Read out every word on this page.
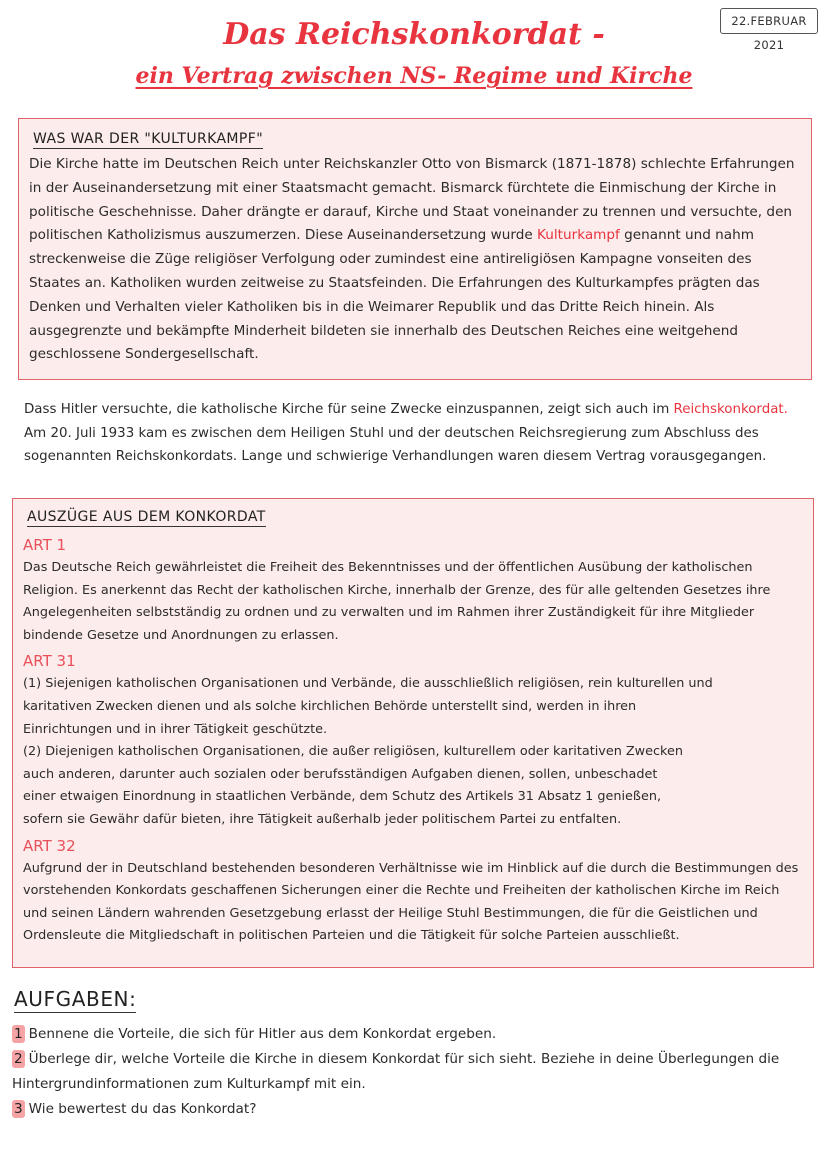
22.FEBRUAR 2021
Das Reichskonkordat -
ein Vertrag zwischen NS- Regime und Kirche
WAS WAR DER "KULTURKAMPF"
Die Kirche hatte im Deutschen Reich unter Reichskanzler Otto von Bismarck (1871-1878) schlechte Erfahrungen in der Auseinandersetzung mit einer Staatsmacht gemacht. Bismarck fürchtete die Einmischung der Kirche in politische Geschehnisse. Daher drängte er darauf, Kirche und Staat voneinander zu trennen und versuchte, den politischen Katholizismus auszumerzen. Diese Auseinandersetzung wurde Kulturkampf genannt und nahm streckenweise die Züge religiöser Verfolgung oder zumindest eine antireligiösen Kampagne vonseiten des Staates an. Katholiken wurden zeitweise zu Staatsfeinden. Die Erfahrungen des Kulturkampfes prägten das Denken und Verhalten vieler Katholiken bis in die Weimarer Republik und das Dritte Reich hinein. Als ausgegrenzte und bekämpfte Minderheit bildeten sie innerhalb des Deutschen Reiches eine weitgehend geschlossene Sondergesellschaft.
Dass Hitler versuchte, die katholische Kirche für seine Zwecke einzuspannen, zeigt sich auch im Reichskonkordat. Am 20. Juli 1933 kam es zwischen dem Heiligen Stuhl und der deutschen Reichsregierung zum Abschluss des sogenannten Reichskonkordats. Lange und schwierige Verhandlungen waren diesem Vertrag vorausgegangen.
AUSZÜGE AUS DEM KONKORDAT
ART 1
Das Deutsche Reich gewährleistet die Freiheit des Bekenntnisses und der öffentlichen Ausübung der katholischen Religion. Es anerkennt das Recht der katholischen Kirche, innerhalb der Grenze, des für alle geltenden Gesetzes ihre Angelegenheiten selbstständig zu ordnen und zu verwalten und im Rahmen ihrer Zuständigkeit für ihre Mitglieder bindende Gesetze und Anordnungen zu erlassen.
ART 31
(1) Siejenigen katholischen Organisationen und Verbände, die ausschließlich religiösen, rein kulturellen und karitativen Zwecken dienen und als solche kirchlichen Behörde unterstellt sind, werden in ihren Einrichtungen und in ihrer Tätigkeit geschützte.
(2) Diejenigen katholischen Organisationen, die außer religiösen, kulturellem oder karitativen Zwecken auch anderen, darunter auch sozialen oder berufsständigen Aufgaben dienen, sollen, unbeschadet einer etwaigen Einordnung in staatlichen Verbände, dem Schutz des Artikels 31 Absatz 1 genießen, sofern sie Gewähr dafür bieten, ihre Tätigkeit außerhalb jeder politischem Partei zu entfalten.
ART 32
Aufgrund der in Deutschland bestehenden besonderen Verhältnisse wie im Hinblick auf die durch die Bestimmungen des vorstehenden Konkordats geschaffenen Sicherungen einer die Rechte und Freiheiten der katholischen Kirche im Reich und seinen Ländern wahrenden Gesetzgebung erlasst der Heilige Stuhl Bestimmungen, die für die Geistlichen und Ordensleute die Mitgliedschaft in politischen Parteien und die Tätigkeit für solche Parteien ausschließt.
AUFGABEN:
1 Bennene die Vorteile, die sich für Hitler aus dem Konkordat ergeben.
2 Überlege dir, welche Vorteile die Kirche in diesem Konkordat für sich sieht. Beziehe in deine Überlegungen die Hintergrundinformationen zum Kulturkampf mit ein.
3 Wie bewertest du das Konkordat?
